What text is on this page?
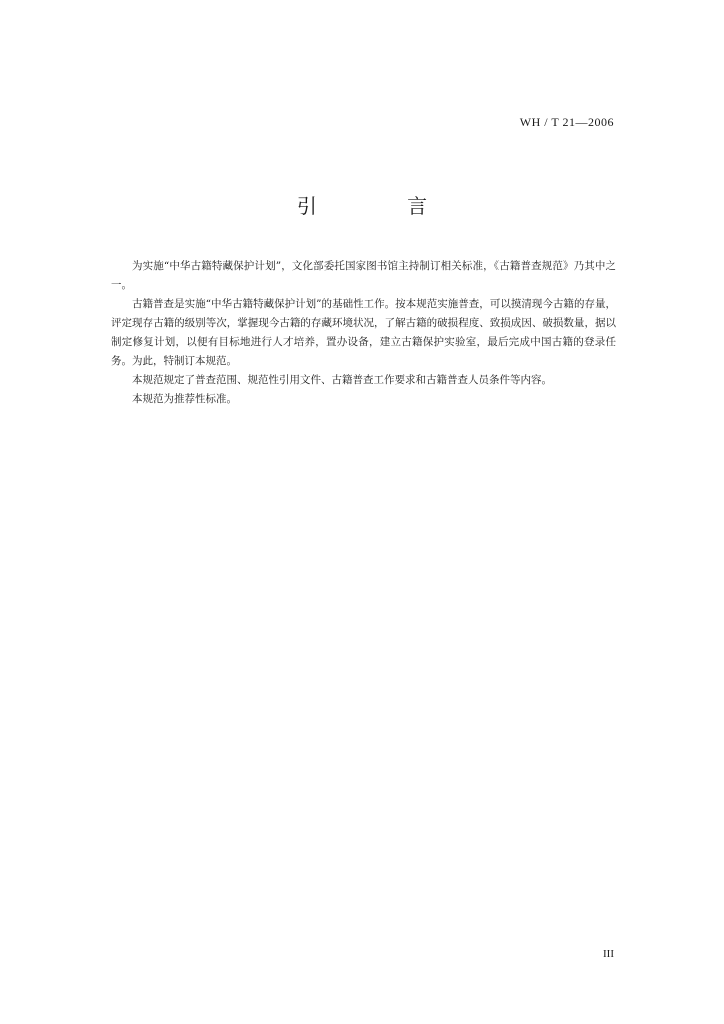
WH / T 21—2006
引 言

为实施“中华古籍特藏保护计划”，文化部委托国家图书馆主持制订相关标准，《古籍普查规范》乃其中之一。

古籍普查是实施“中华古籍特藏保护计划”的基础性工作。按本规范实施普查，可以摸清现今古籍的存量，评定现存古籍的级别等次，掌握现今古籍的存藏环境状况，了解古籍的破损程度、致损成因、破损数量，据以制定修复计划，以便有目标地进行人才培养，置办设备，建立古籍保护实验室，最后完成中国古籍的登录任务。为此，特制订本规范。

本规范规定了普查范围、规范性引用文件、古籍普查工作要求和古籍普查人员条件等内容。

本规范为推荐性标准。

III
